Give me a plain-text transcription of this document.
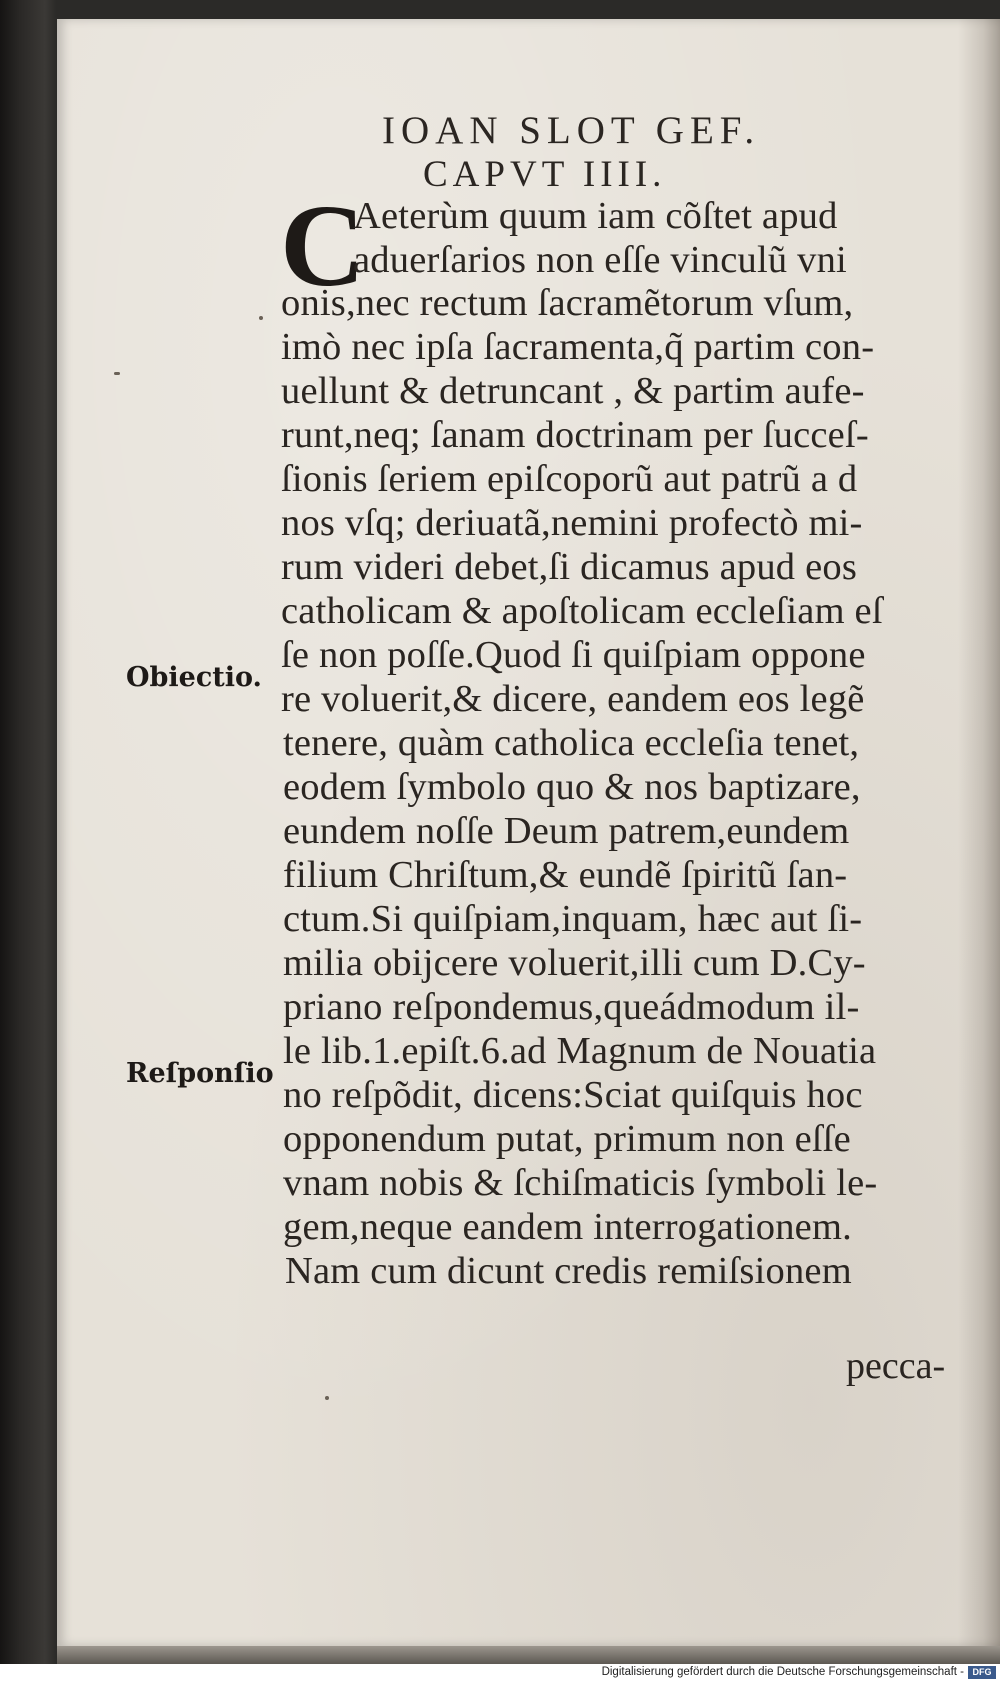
IOAN SLOT GEF.
CAPVT IIII.
C
Aeterùm quum iam cõſtet apud
aduerſarios non eſſe vinculũ vni
onis,nec rectum ſacramẽtorum vſum,
imò nec ipſa ſacramenta,q̃ partim con-
uellunt & detruncant , & partim aufe-
runt,neq; ſanam doctrinam per ſucceſ-
ſionis ſeriem epiſcoporũ aut patrũ a d
nos vſq; deriuatã,nemini profectò mi-
rum videri debet,ſi dicamus apud eos
catholicam & apoſtolicam eccleſiam eſ
ſe non poſſe.Quod ſi quiſpiam oppone
re voluerit,& dicere, eandem eos legẽ
tenere, quàm catholica eccleſia tenet,
eodem ſymbolo quo & nos baptizare,
eundem noſſe Deum patrem,eundem
filium Chriſtum,& eundẽ ſpiritũ ſan-
ctum.Si quiſpiam,inquam, hæc aut ſi-
milia obijcere voluerit,illi cum D.Cy-
priano reſpondemus,queádmodum il-
le lib.1.epiſt.6.ad Magnum de Nouatia
no reſpõdit, dicens:Sciat quiſquis hoc
opponendum putat, primum non eſſe
vnam nobis & ſchiſmaticis ſymboli le-
gem,neque eandem interrogationem.
Nam cum dicunt credis remiſsionem
pecca-
Obiectio.
Reſponſio
Digitalisierung gefördert durch die Deutsche Forschungsgemeinschaft - DFG
